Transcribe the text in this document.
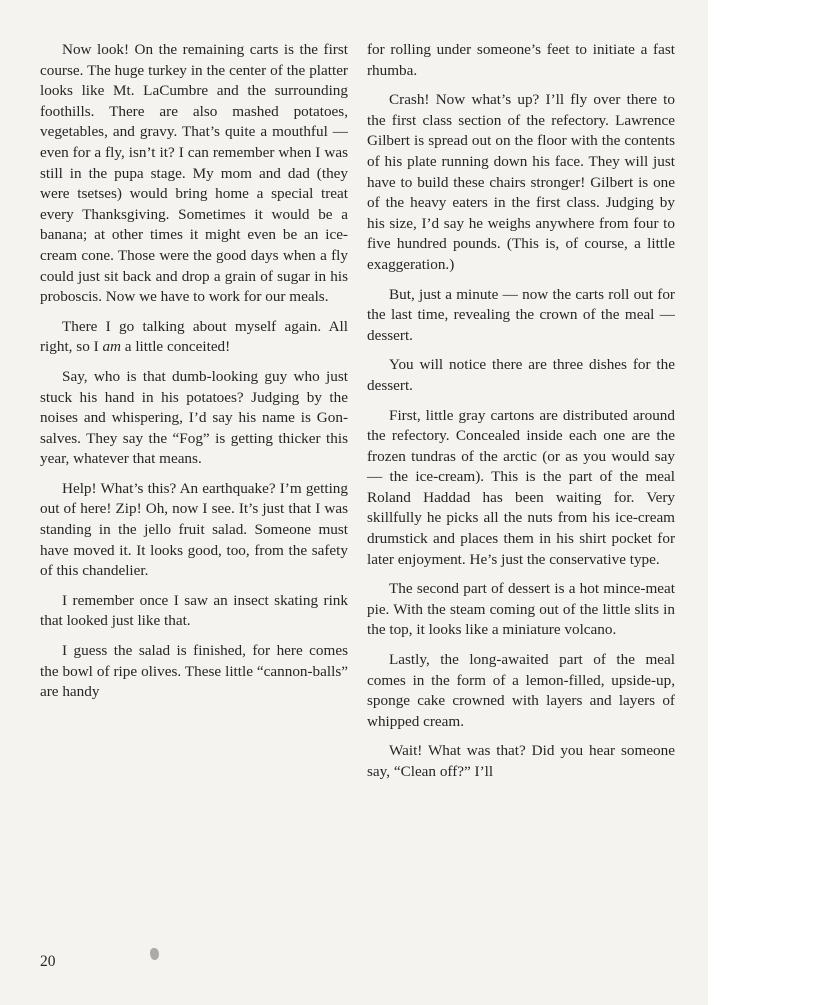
Now look! On the remaining carts is the first course. The huge turkey in the center of the platter looks like Mt. LaCumbre and the surrounding foothills. There are also mashed potatoes, vegetables, and gravy. That’s quite a mouthful — even for a fly, isn’t it? I can remember when I was still in the pupa stage. My mom and dad (they were tsetses) would bring home a special treat every Thanksgiving. Sometimes it would be a banana; at other times it might even be an ice-cream cone. Those were the good days when a fly could just sit back and drop a grain of sugar in his proboscis. Now we have to work for our meals.

There I go talking about myself again. All right, so I am a little conceited!

Say, who is that dumb-looking guy who just stuck his hand in his potatoes? Judging by the noises and whispering, I’d say his name is Gonsalves. They say the “Fog” is getting thicker this year, whatever that means.

Help! What’s this? An earthquake? I’m getting out of here! Zip! Oh, now I see. It’s just that I was standing in the jello fruit salad. Someone must have moved it. It looks good, too, from the safety of this chandelier.

I remember once I saw an insect skating rink that looked just like that.

I guess the salad is finished, for here comes the bowl of ripe olives. These little “cannon-balls” are handy

for rolling under someone’s feet to initiate a fast rhumba.

Crash! Now what’s up? I’ll fly over there to the first class section of the refectory. Lawrence Gilbert is spread out on the floor with the contents of his plate running down his face. They will just have to build these chairs stronger! Gilbert is one of the heavy eaters in the first class. Judging by his size, I’d say he weighs anywhere from four to five hundred pounds. (This is, of course, a little exaggeration.)

But, just a minute — now the carts roll out for the last time, revealing the crown of the meal — dessert.

You will notice there are three dishes for the dessert.

First, little gray cartons are distributed around the refectory. Concealed inside each one are the frozen tundras of the arctic (or as you would say — the ice-cream). This is the part of the meal Roland Haddad has been waiting for. Very skillfully he picks all the nuts from his ice-cream drumstick and places them in his shirt pocket for later enjoyment. He’s just the conservative type.

The second part of dessert is a hot mince-meat pie. With the steam coming out of the little slits in the top, it looks like a miniature volcano.

Lastly, the long-awaited part of the meal comes in the form of a lemon-filled, upside-up, sponge cake crowned with layers and layers of whipped cream.

Wait! What was that? Did you hear someone say, “Clean off?” I’ll

20
